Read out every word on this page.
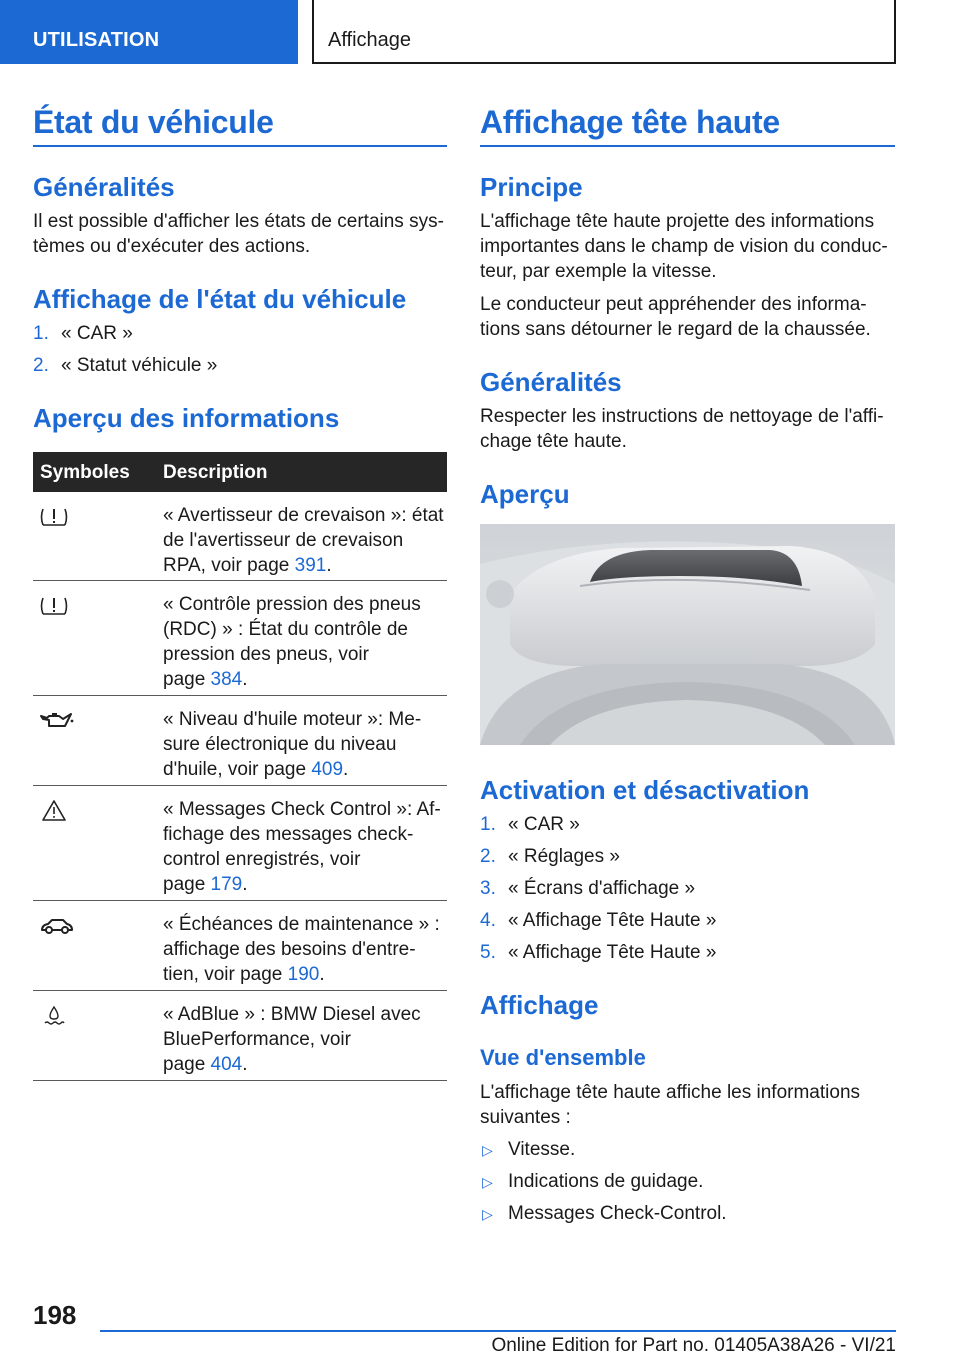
UTILISATION	Affichage
État du véhicule
Généralités
Il est possible d'afficher les états de certains sys-
tèmes ou d'exécuter des actions.
Affichage de l'état du véhicule
1. « CAR »
2. « Statut véhicule »
Aperçu des informations
Symboles Description
« Avertisseur de crevaison »: état
de l'avertisseur de crevaison
RPA, voir page 391.
« Contrôle pression des pneus
(RDC) » : État du contrôle de
pression des pneus, voir
page 384.
« Niveau d'huile moteur »: Me-
sure électronique du niveau
d'huile, voir page 409.
« Messages Check Control »: Af-
fichage des messages check-
control enregistrés, voir
page 179.
« Échéances de maintenance » :
affichage des besoins d'entre-
tien, voir page 190.
« AdBlue » : BMW Diesel avec
BluePerformance, voir
page 404.
Affichage tête haute
Principe
L'affichage tête haute projette des informations
importantes dans le champ de vision du conduc-
teur, par exemple la vitesse.
Le conducteur peut appréhender des informa-
tions sans détourner le regard de la chaussée.
Généralités
Respecter les instructions de nettoyage de l'affi-
chage tête haute.
Aperçu
Activation et désactivation
1. « CAR »
2. « Réglages »
3. « Écrans d'affichage »
4. « Affichage Tête Haute »
5. « Affichage Tête Haute »
Affichage
Vue d'ensemble
L'affichage tête haute affiche les informations
suivantes :
▷ Vitesse.
▷ Indications de guidage.
▷ Messages Check-Control.
198
Online Edition for Part no. 01405A38A26 - VI/21
